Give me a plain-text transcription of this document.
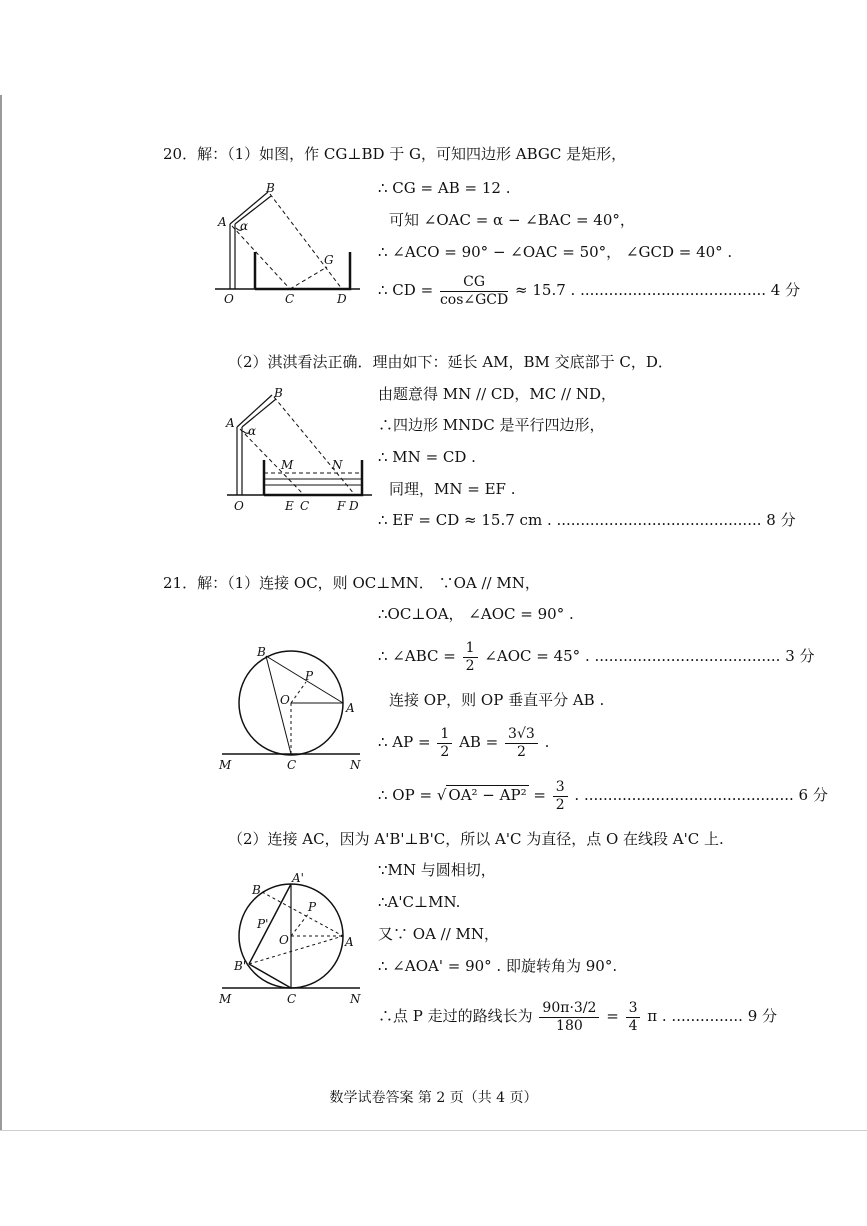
20．解：（1）如图，作 CG⊥BD 于 G，可知四边形 ABGC 是矩形，
B
A α
G
O	C	D
∴ CG = AB = 12 .
可知 ∠OAC = α − ∠BAC = 40°，
∴ ∠ACO = 90° − ∠OAC = 50°， ∠GCD = 40° .
∴ CD = $\frac{CG}{\text{cos∠GCD}} \approx 15.7$ . ....................................... 4 分
（2）淇淇看法正确．理由如下：延长 AM，BM 交底部于 C，D．
B
A
α
M	N
O	E C F D
由题意得 MN // CD，MC // ND，
∴四边形 MNDC 是平行四边形，
∴ MN = CD .
同理，MN = EF .
∴ EF = CD ≈ 15.7 cm . ........................................... 8 分
21．解：（1）连接 OC，则 OC⊥MN． ∵OA // MN，
∴OC⊥OA， ∠AOC = 90° .
∴ ∠ABC = $\frac{1}{2}$ ∠AOC = 45° . ....................................... 3 分
B
P
O
A
M	C	N
连接 OP，则 OP 垂直平分 AB .
∴ AP = $\frac{1}{2}$ AB = $\frac{3√3}{2}$ .
∴ OP = √ $OA^2 - AP^2 = \frac{3}{2}$ . ............................................ 6 分
（2）连接 AC，因为 A'B'⊥B'C，所以 A'C 为直径，点 O 在线段 A'C 上.
A'
B
P'
P
O	A
B'
M	C	N
∵MN 与圆相切，
∴A'C⊥MN.
又∵ OA // MN，
∴ ∠AOA' = 90° . 即旋转角为 90°.
∴点 P 走过的路线长为 $\frac{90\pi\cdot 3/2}{180} = \frac{3}{4}$ π . ............... 9 分
数学试卷答案 第 2 页（共 4 页）
